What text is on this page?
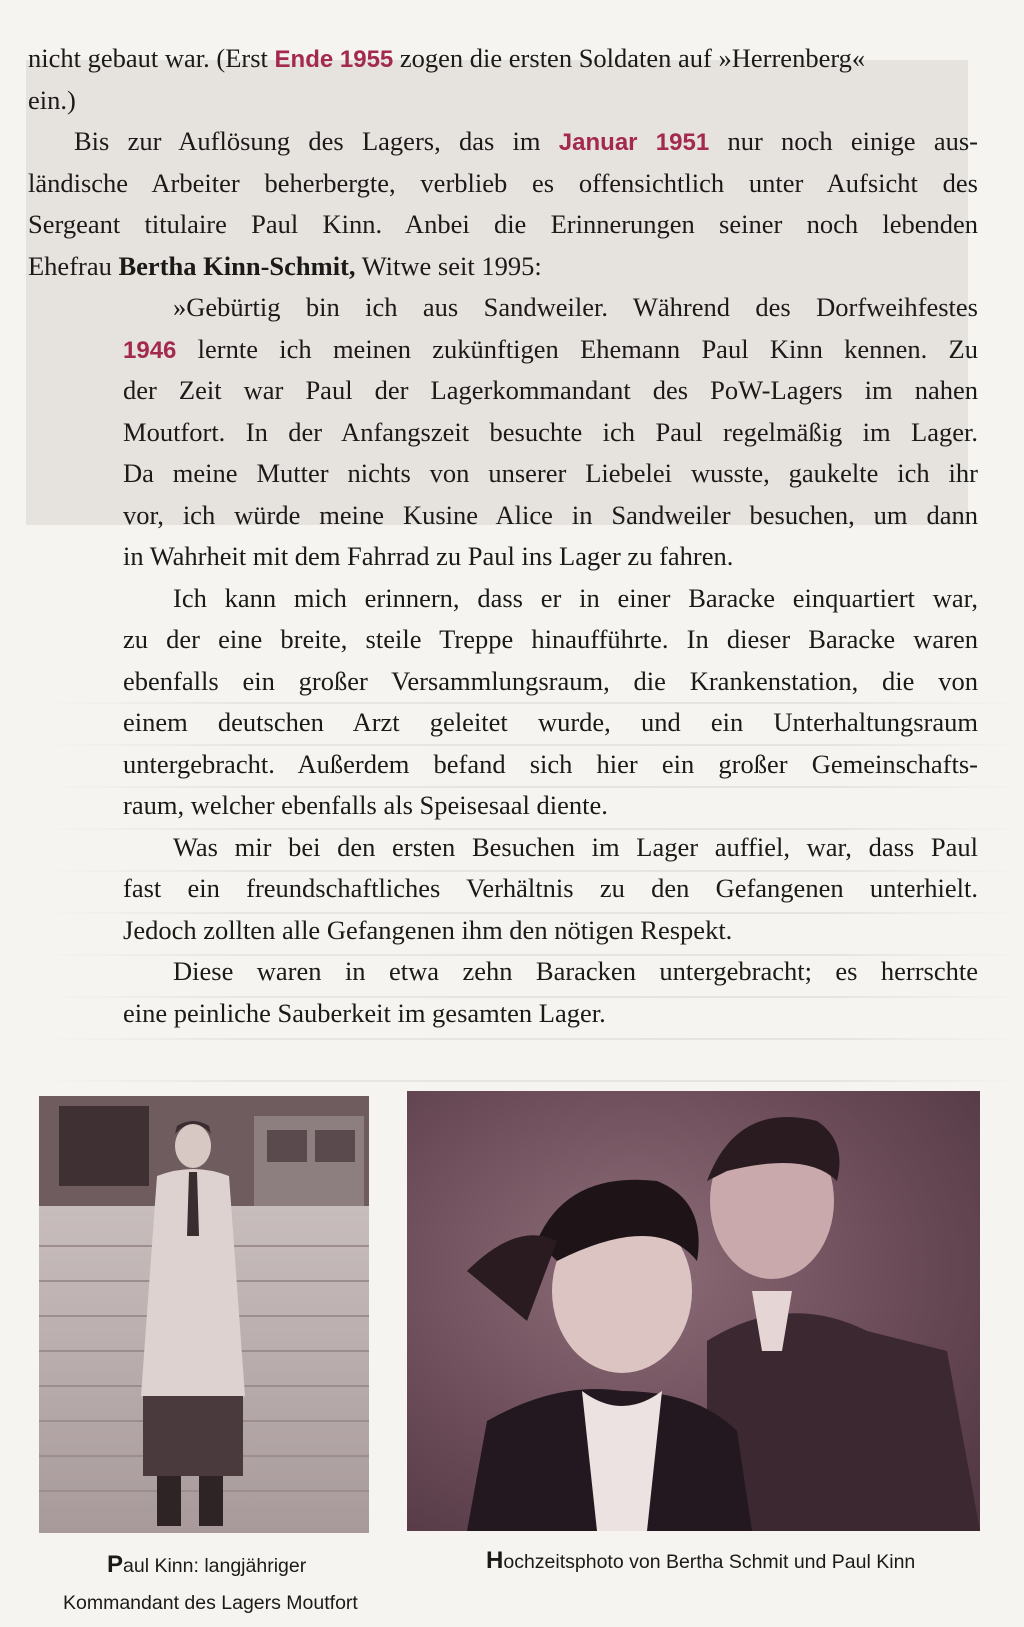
nicht gebaut war. (Erst Ende 1955 zogen die ersten Soldaten auf »Herrenberg«
ein.)
Bis zur Auflösung des Lagers, das im Januar 1951 nur noch einige aus-
ländische Arbeiter beherbergte, verblieb es offensichtlich unter Aufsicht des
Sergeant titulaire Paul Kinn. Anbei die Erinnerungen seiner noch lebenden
Ehefrau Bertha Kinn-Schmit, Witwe seit 1995:
»Gebürtig bin ich aus Sandweiler. Während des Dorfweihfestes
1946 lernte ich meinen zukünftigen Ehemann Paul Kinn kennen. Zu
der Zeit war Paul der Lagerkommandant des PoW-Lagers im nahen
Moutfort. In der Anfangszeit besuchte ich Paul regelmäßig im Lager.
Da meine Mutter nichts von unserer Liebelei wusste, gaukelte ich ihr
vor, ich würde meine Kusine Alice in Sandweiler besuchen, um dann
in Wahrheit mit dem Fahrrad zu Paul ins Lager zu fahren.
Ich kann mich erinnern, dass er in einer Baracke einquartiert war,
zu der eine breite, steile Treppe hinaufführte. In dieser Baracke waren
ebenfalls ein großer Versammlungsraum, die Krankenstation, die von
einem deutschen Arzt geleitet wurde, und ein Unterhaltungsraum
untergebracht. Außerdem befand sich hier ein großer Gemeinschafts-
raum, welcher ebenfalls als Speisesaal diente.
Was mir bei den ersten Besuchen im Lager auffiel, war, dass Paul
fast ein freundschaftliches Verhältnis zu den Gefangenen unterhielt.
Jedoch zollten alle Gefangenen ihm den nötigen Respekt.
Diese waren in etwa zehn Baracken untergebracht; es herrschte
eine peinliche Sauberkeit im gesamten Lager.
Paul Kinn: langjähriger
Kommandant des Lagers Moutfort
Hochzeitsphoto von Bertha Schmit und Paul Kinn
